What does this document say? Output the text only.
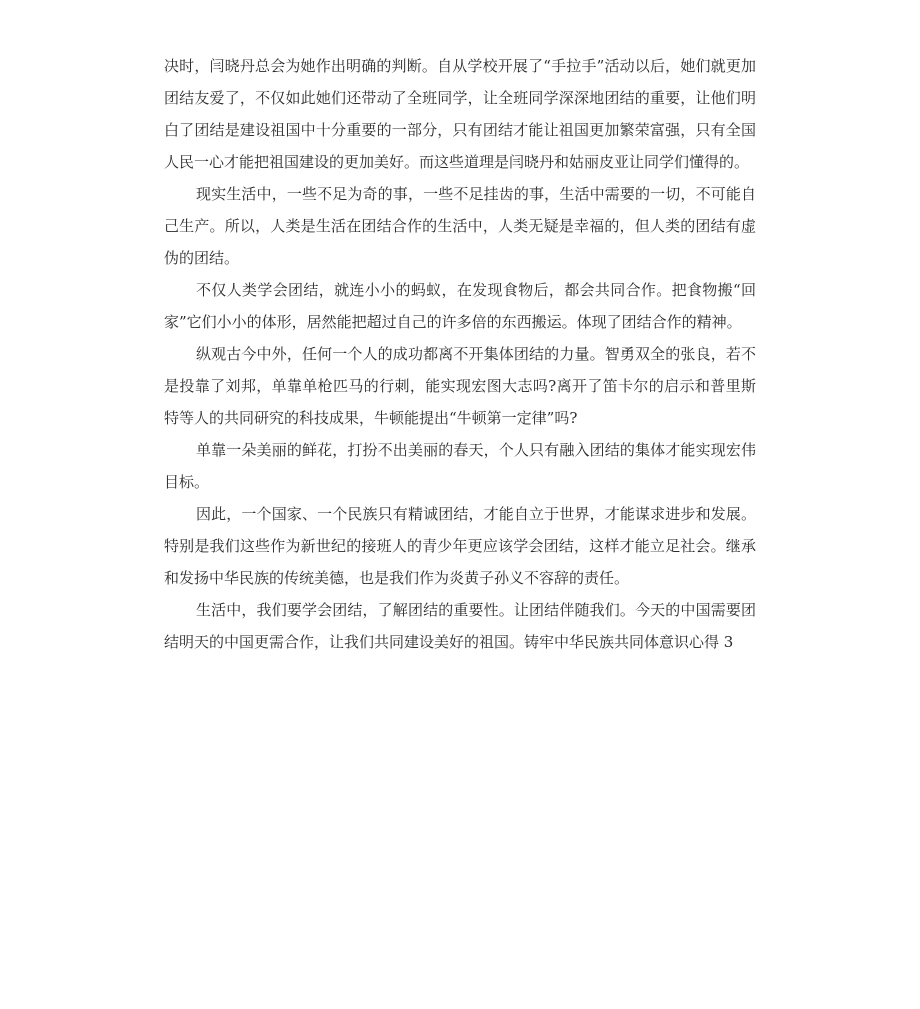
决时，闫晓丹总会为她作出明确的判断。自从学校开展了“手拉手”活动以后，她们就更加团结友爱了，不仅如此她们还带动了全班同学，让全班同学深深地团结的重要，让他们明白了团结是建设祖国中十分重要的一部分，只有团结才能让祖国更加繁荣富强，只有全国人民一心才能把祖国建设的更加美好。而这些道理是闫晓丹和姑丽皮亚让同学们懂得的。

现实生活中，一些不足为奇的事，一些不足挂齿的事，生活中需要的一切，不可能自己生产。所以，人类是生活在团结合作的生活中，人类无疑是幸福的，但人类的团结有虚伪的团结。

不仅人类学会团结，就连小小的蚂蚁，在发现食物后，都会共同合作。把食物搬“回家”它们小小的体形，居然能把超过自己的许多倍的东西搬运。体现了团结合作的精神。

纵观古今中外，任何一个人的成功都离不开集体团结的力量。智勇双全的张良，若不是投靠了刘邦，单靠单枪匹马的行刺，能实现宏图大志吗?离开了笛卡尔的启示和普里斯特等人的共同研究的科技成果，牛顿能提出“牛顿第一定律”吗?

单靠一朵美丽的鲜花，打扮不出美丽的春天，个人只有融入团结的集体才能实现宏伟目标。

因此，一个国家、一个民族只有精诚团结，才能自立于世界，才能谋求进步和发展。特别是我们这些作为新世纪的接班人的青少年更应该学会团结，这样才能立足社会。继承和发扬中华民族的传统美德，也是我们作为炎黄子孙义不容辞的责任。

生活中，我们要学会团结，了解团结的重要性。让团结伴随我们。今天的中国需要团结明天的中国更需合作，让我们共同建设美好的祖国。铸牢中华民族共同体意识心得 3
